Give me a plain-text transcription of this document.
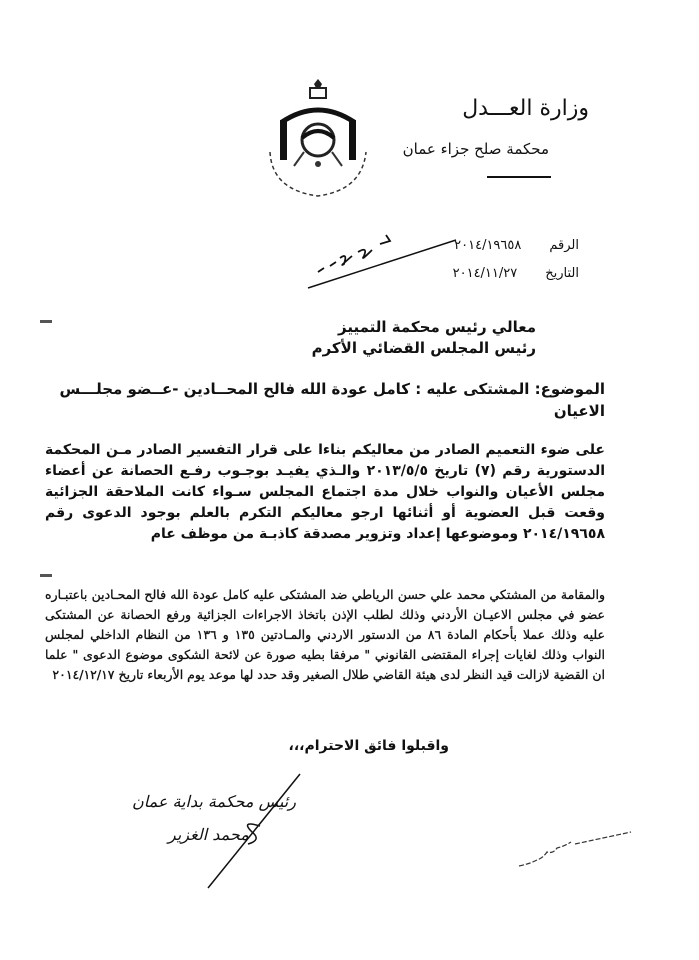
وزارة العـــدل
محكمة صلح جزاء عمان
الرقم
٢٠١٤/١٩٦٥٨
التاريخ
٢٠١٤/١١/٢٧
معالي رئيس محكمة التمييز
رئيس المجلس القضائي الأكرم
الموضوع: المشتكى عليه : كامل عودة الله فالح المحــادين -عــضو مجلـــس الاعيان
على ضوء التعميم الصادر من معاليكم بناءا على قرار التفسير الصادر مـن المحكمة الدستورية رقم (٧) تاريخ ٢٠١٣/٥/٥ والـذي يفيـد بوجـوب رفـع الحصانة عن أعضاء مجلس الأعيان والنواب خلال مدة اجتماع المجلس سـواء كانت الملاحقة الجزائية وقعت قبل العضوية أو أثنائها ارجو معاليكم التكرم بالعلم بوجود الدعوى رقم ٢٠١٤/١٩٦٥٨ وموضوعها إعداد وتزوير مصدقة كاذبـة من موظف عام
والمقامة من المشتكي محمد علي حسن الرياطي ضد المشتكى عليه كامل عودة الله فالح المحـادين باعتبـاره عضو في مجلس الاعيـان الأردني وذلك لطلب الإذن باتخاذ الاجراءات الجزائية ورفع الحصانة عن المشتكى عليه وذلك عملا بأحكام المادة ٨٦ من الدستور الاردني والمـادتين ١٣٥ و ١٣٦ من النظام الداخلي لمجلس النواب وذلك لغايات إجراء المقتضى القانوني " مرفقا بطيه صورة عن لائحة الشكوى موضوع الدعوى " علما ان القضية لازالت قيد النظر لدى هيئة القاضي طلال الصغير وقد حدد لها موعد يوم الأربعاء تاريخ ٢٠١٤/١٢/١٧
واقبلوا فائق الاحترام،،،
رئيس محكمة بداية عمان
محمد الغزير
